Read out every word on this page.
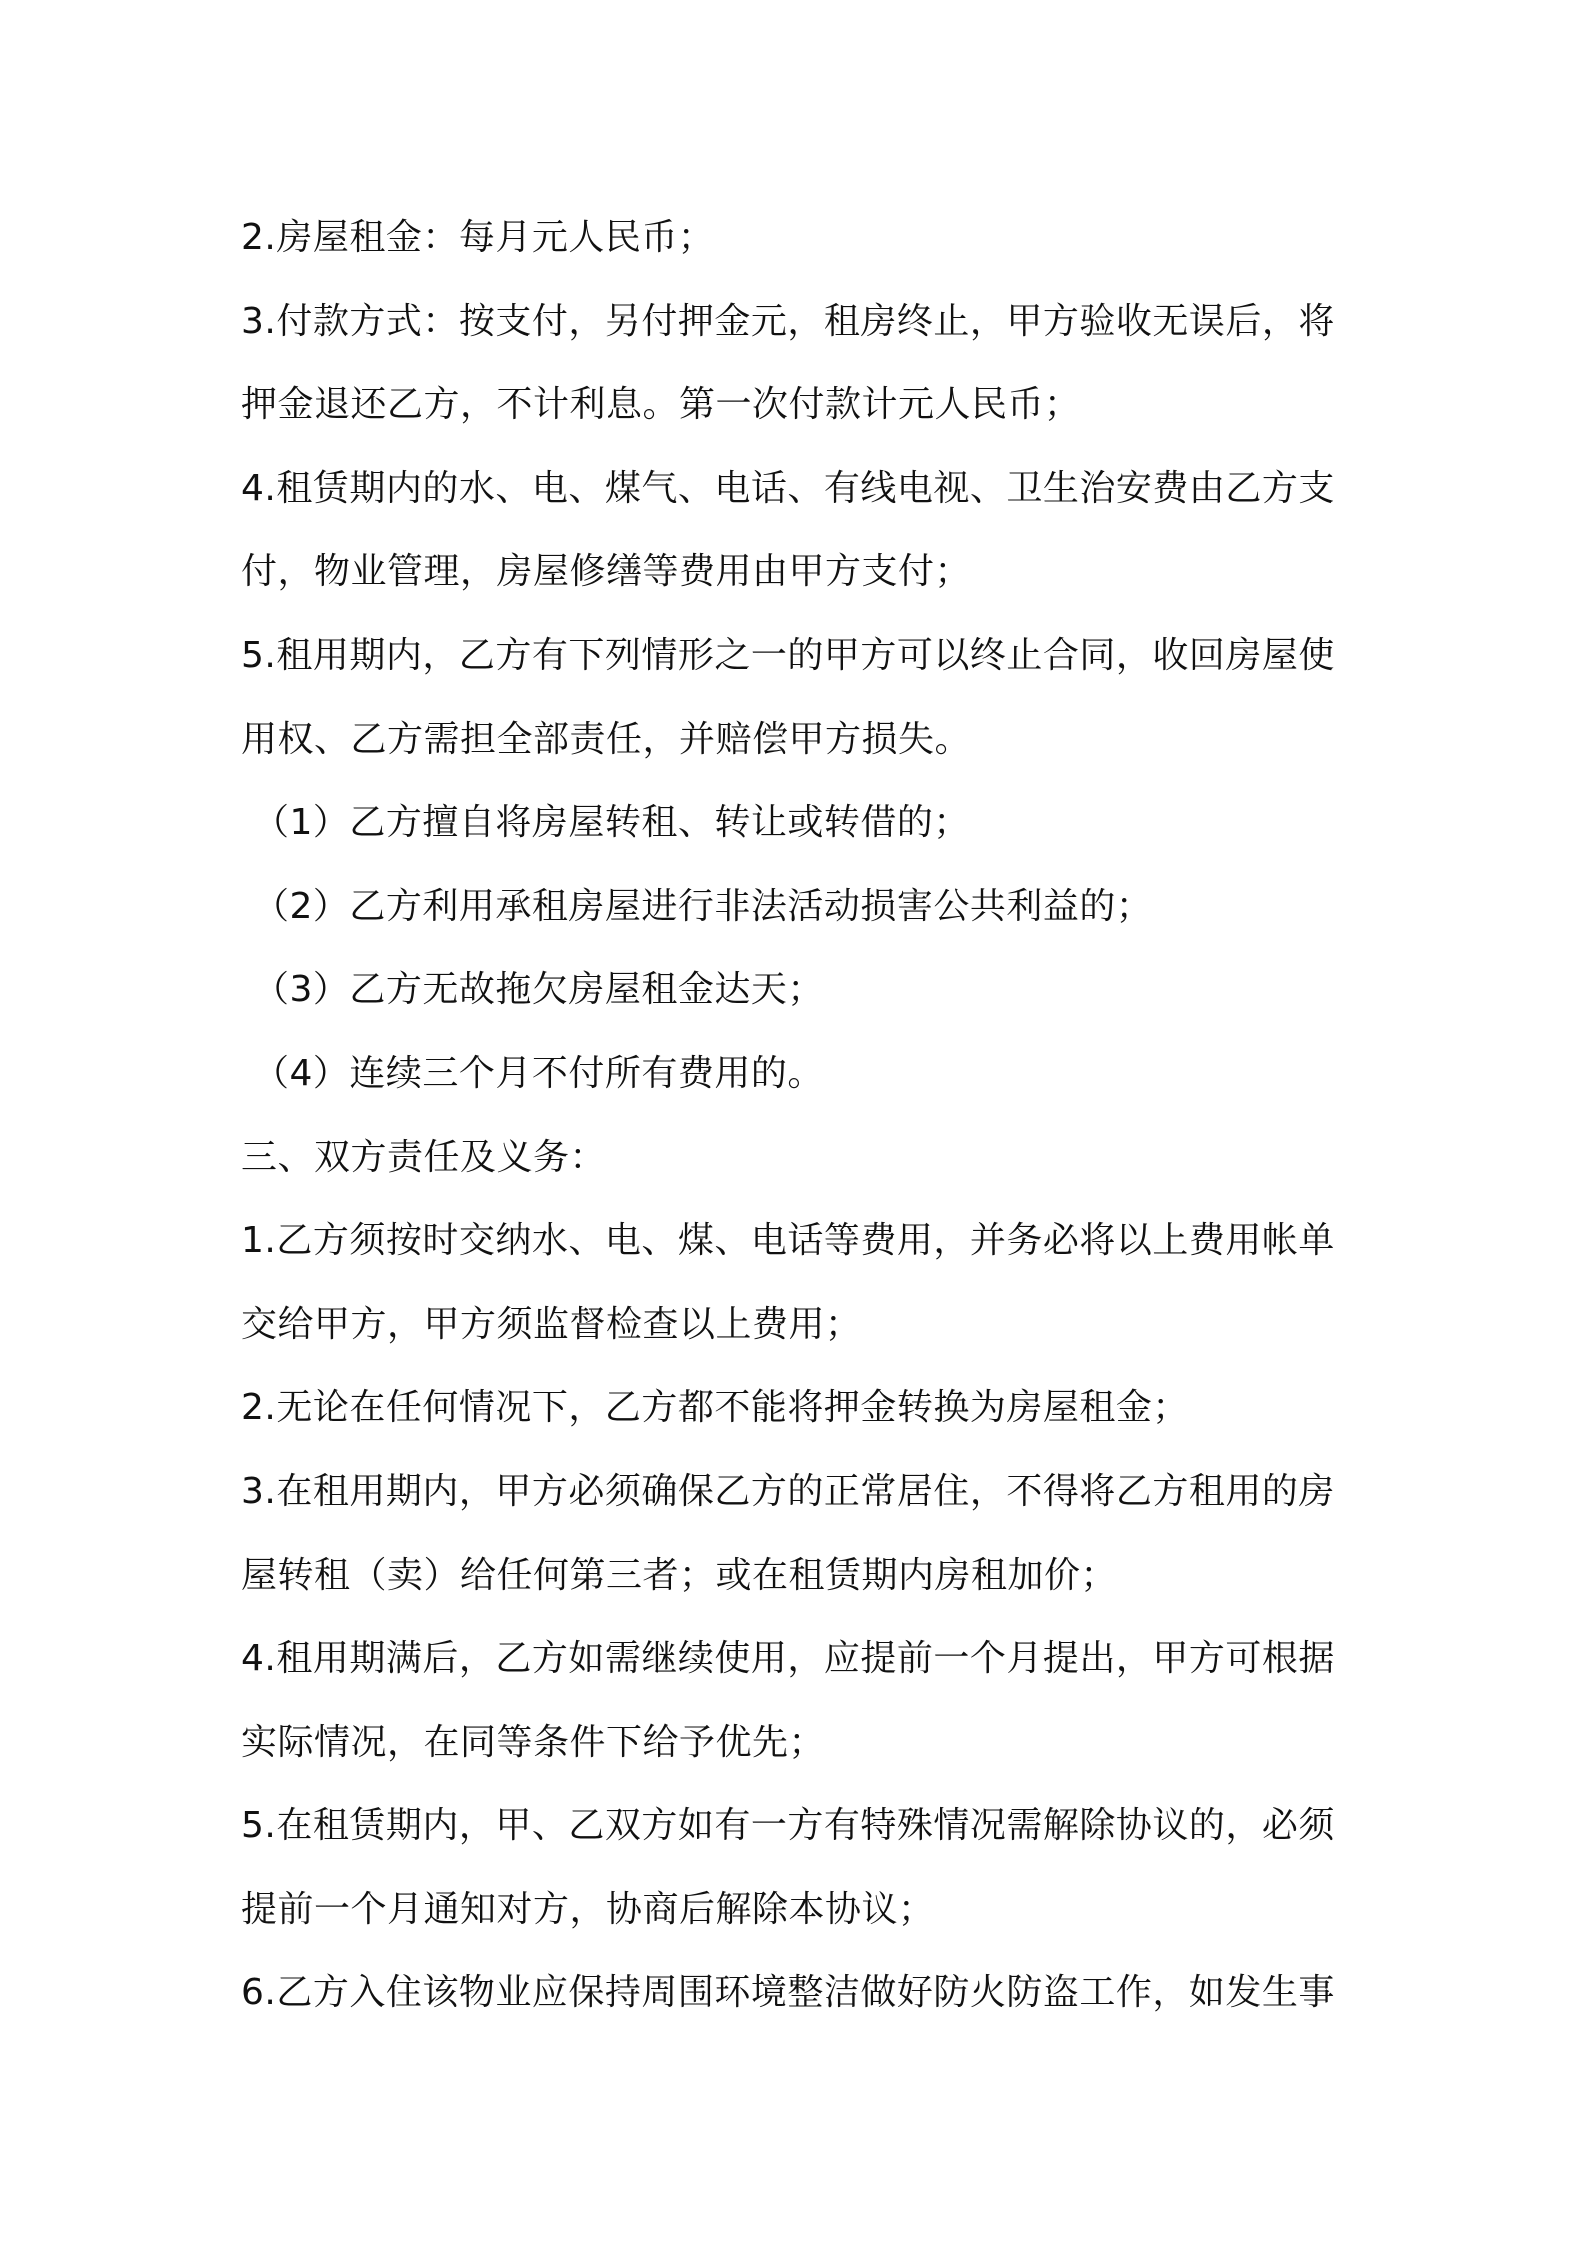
2.房屋租金：每月元人民币；
3.付款方式：按支付，另付押金元，租房终止，甲方验收无误后，将
押金退还乙方，不计利息。第一次付款计元人民币；
4.租赁期内的水、电、煤气、电话、有线电视、卫生治安费由乙方支
付，物业管理，房屋修缮等费用由甲方支付；
5.租用期内，乙方有下列情形之一的甲方可以终止合同，收回房屋使
用权、乙方需担全部责任，并赔偿甲方损失。
（1）乙方擅自将房屋转租、转让或转借的；
（2）乙方利用承租房屋进行非法活动损害公共利益的；
（3）乙方无故拖欠房屋租金达天；
（4）连续三个月不付所有费用的。
三、双方责任及义务：
1.乙方须按时交纳水、电、煤、电话等费用，并务必将以上费用帐单
交给甲方，甲方须监督检查以上费用；
2.无论在任何情况下，乙方都不能将押金转换为房屋租金；
3.在租用期内，甲方必须确保乙方的正常居住，不得将乙方租用的房
屋转租（卖）给任何第三者；或在租赁期内房租加价；
4.租用期满后，乙方如需继续使用，应提前一个月提出，甲方可根据
实际情况，在同等条件下给予优先；
5.在租赁期内，甲、乙双方如有一方有特殊情况需解除协议的，必须
提前一个月通知对方，协商后解除本协议；
6.乙方入住该物业应保持周围环境整洁做好防火防盗工作，如发生事
